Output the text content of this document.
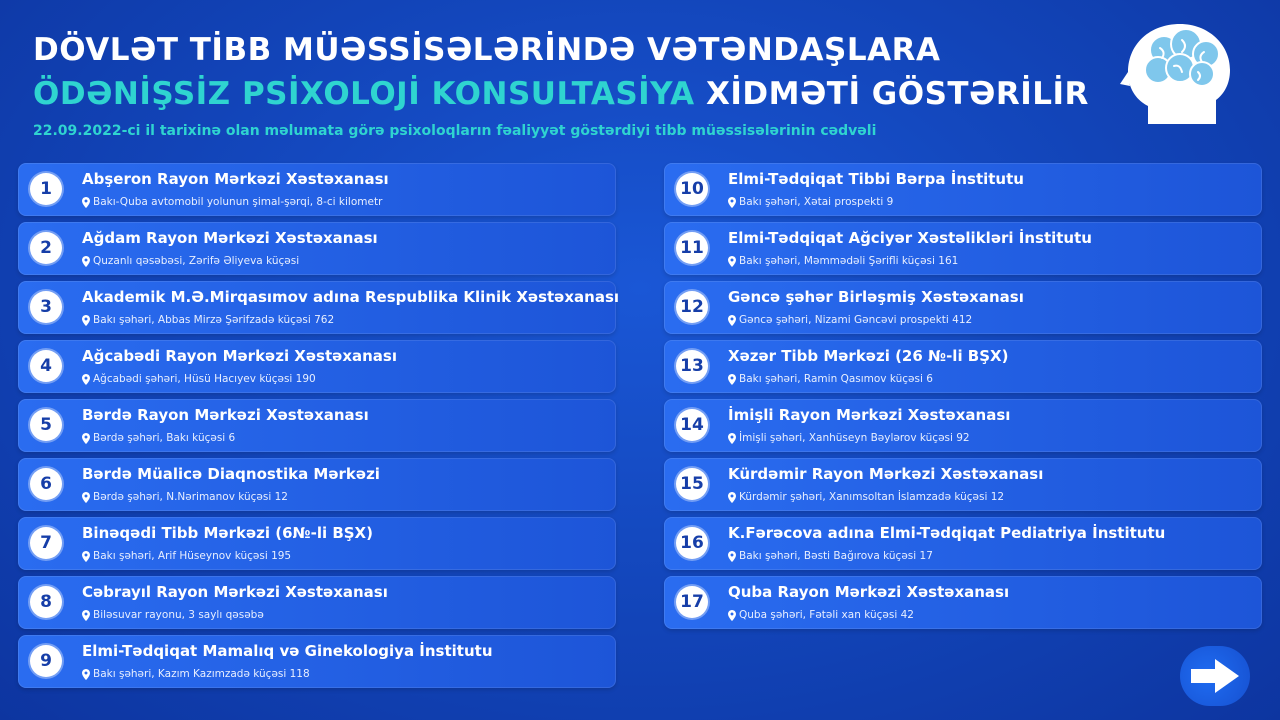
DÖVLƏT TİBB MÜƏSSİSƏLƏRİNDƏ VƏTƏNDAŞLARA
ÖDƏNİŞSİZ PSİXOLOJİ KONSULTASİYA XİDMƏTİ GÖSTƏRİLİR
22.09.2022-ci il tarixinə olan məlumata görə psixoloqların fəaliyyət göstərdiyi tibb müəssisələrinin cədvəli
1	Abşeron Rayon Mərkəzi Xəstəxanası
Bakı-Quba avtomobil yolunun şimal-şərqi, 8-ci kilometr
2	Ağdam Rayon Mərkəzi Xəstəxanası
Quzanlı qəsəbəsi, Zərifə Əliyeva küçəsi
3	Akademik M.Ə.Mirqasımov adına Respublika Klinik Xəstəxanası
Bakı şəhəri, Abbas Mirzə Şərifzadə küçəsi 762
4	Ağcabədi Rayon Mərkəzi Xəstəxanası
Ağcabədi şəhəri, Hüsü Hacıyev küçəsi 190
5	Bərdə Rayon Mərkəzi Xəstəxanası
Bərdə şəhəri, Bakı küçəsi 6
6	Bərdə Müalicə Diaqnostika Mərkəzi
Bərdə şəhəri, N.Nərimanov küçəsi 12
7	Binəqədi Tibb Mərkəzi (6№-li BŞX)
Bakı şəhəri, Arif Hüseynov küçəsi 195
8	Cəbrayıl Rayon Mərkəzi Xəstəxanası
Biləsuvar rayonu, 3 saylı qəsəbə
9	Elmi-Tədqiqat Mamalıq və Ginekologiya İnstitutu
Bakı şəhəri, Kazım Kazımzadə küçəsi 118
10 Elmi-Tədqiqat Tibbi Bərpa İnstitutu
Bakı şəhəri, Xətai prospekti 9
11 Elmi-Tədqiqat Ağciyər Xəstəlikləri İnstitutu
Bakı şəhəri, Məmmədəli Şərifli küçəsi 161
12 Gəncə şəhər Birləşmiş Xəstəxanası
Gəncə şəhəri, Nizami Gəncəvi prospekti 412
13 Xəzər Tibb Mərkəzi (26 №-li BŞX)
Bakı şəhəri, Ramin Qasımov küçəsi 6
14 İmişli Rayon Mərkəzi Xəstəxanası
İmişli şəhəri, Xanhüseyn Bəylərov küçəsi 92
15 Kürdəmir Rayon Mərkəzi Xəstəxanası
Kürdəmir şəhəri, Xanımsoltan İslamzadə küçəsi 12
16 K.Fərəcova adına Elmi-Tədqiqat Pediatriya İnstitutu
Bakı şəhəri, Bəsti Bağırova küçəsi 17
17 Quba Rayon Mərkəzi Xəstəxanası
Quba şəhəri, Fətəli xan küçəsi 42
